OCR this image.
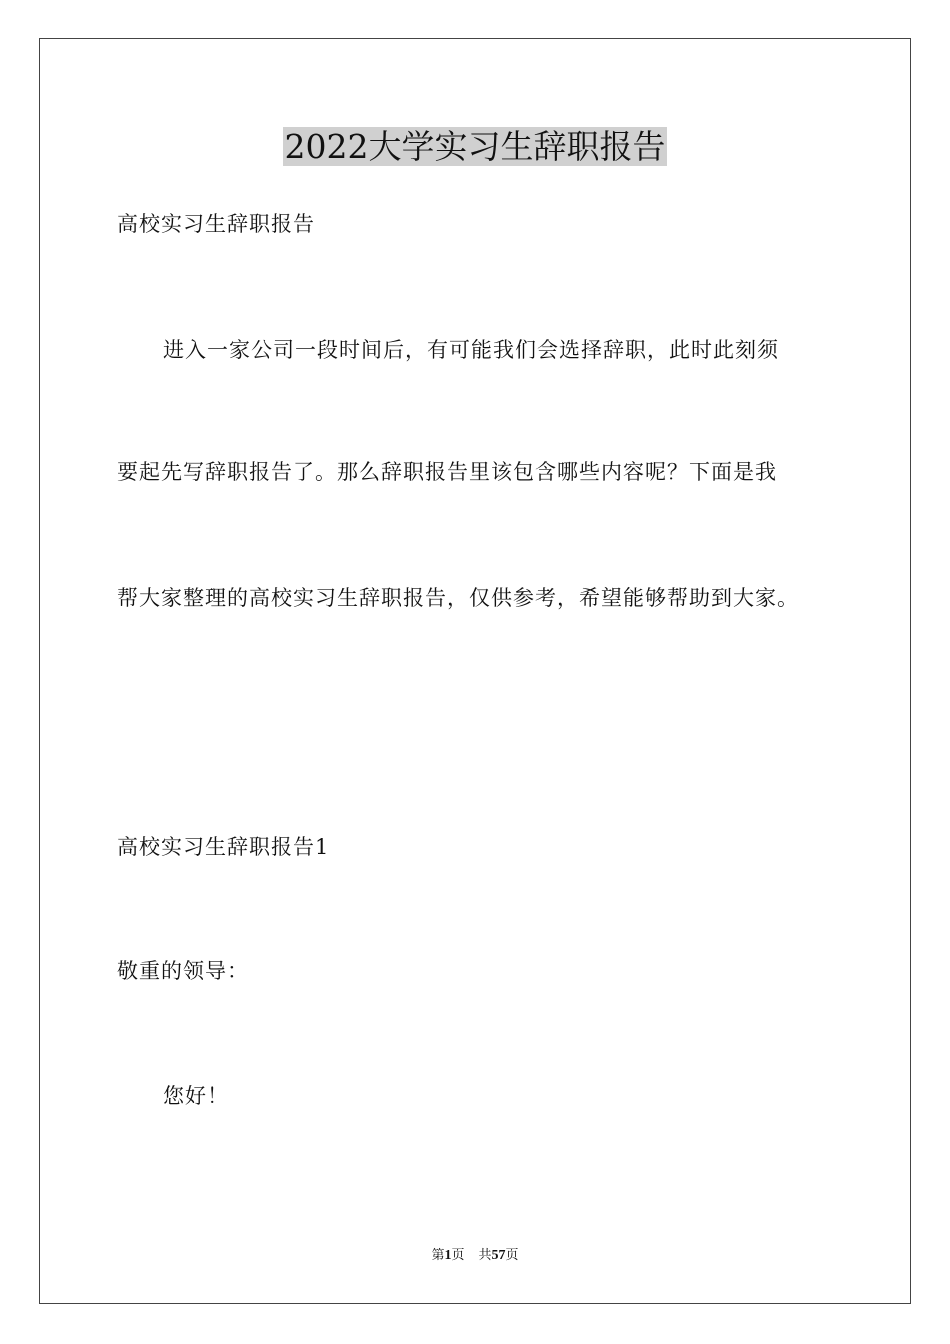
2022大学实习生辞职报告
高校实习生辞职报告
进入一家公司一段时间后，有可能我们会选择辞职，此时此刻须
要起先写辞职报告了。那么辞职报告里该包含哪些内容呢？下面是我
帮大家整理的高校实习生辞职报告，仅供参考，希望能够帮助到大家。
高校实习生辞职报告1
敬重的领导：
您好！
第1页 共57页
